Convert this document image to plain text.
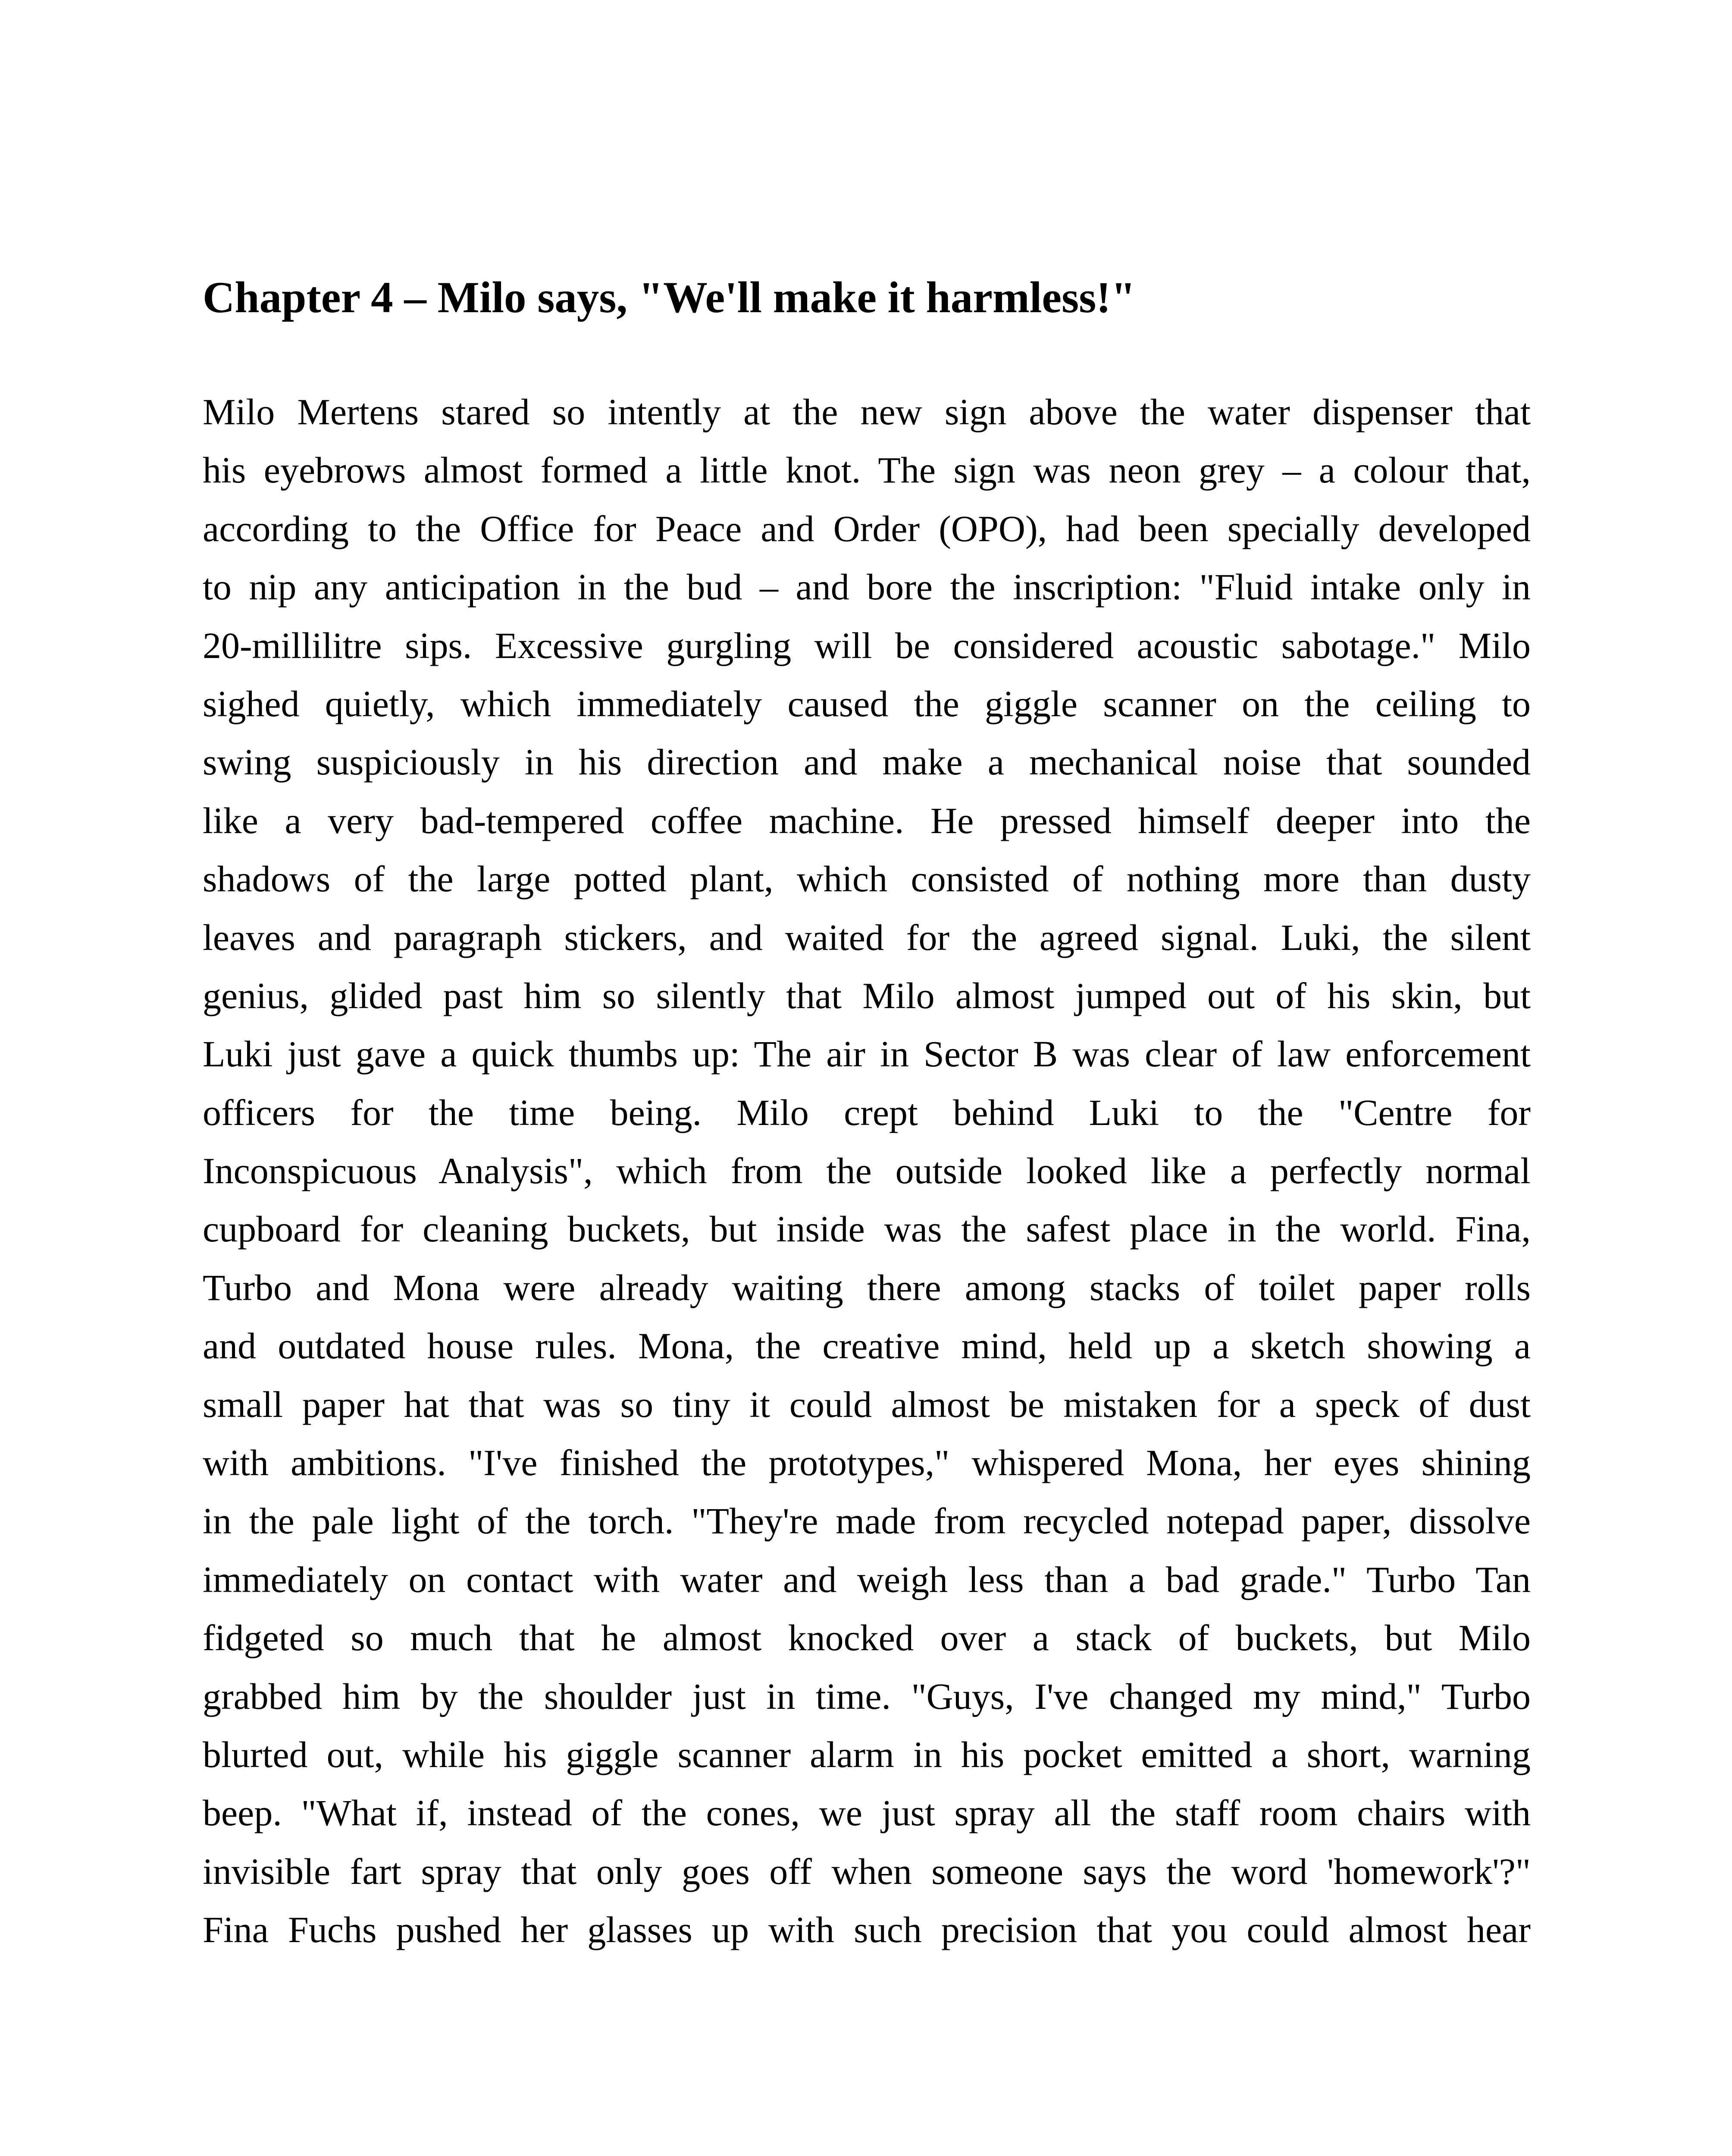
Chapter 4 – Milo says, "We'll make it harmless!"
Milo Mertens stared so intently at the new sign above the water dispenser that
his eyebrows almost formed a little knot. The sign was neon grey – a colour that,
according to the Office for Peace and Order (OPO), had been specially developed
to nip any anticipation in the bud – and bore the inscription: "Fluid intake only in
20-millilitre sips. Excessive gurgling will be considered acoustic sabotage." Milo
sighed quietly, which immediately caused the giggle scanner on the ceiling to
swing suspiciously in his direction and make a mechanical noise that sounded
like a very bad-tempered coffee machine. He pressed himself deeper into the
shadows of the large potted plant, which consisted of nothing more than dusty
leaves and paragraph stickers, and waited for the agreed signal. Luki, the silent
genius, glided past him so silently that Milo almost jumped out of his skin, but
Luki just gave a quick thumbs up: The air in Sector B was clear of law enforcement
officers for the time being. Milo crept behind Luki to the "Centre for
Inconspicuous Analysis", which from the outside looked like a perfectly normal
cupboard for cleaning buckets, but inside was the safest place in the world. Fina,
Turbo and Mona were already waiting there among stacks of toilet paper rolls
and outdated house rules. Mona, the creative mind, held up a sketch showing a
small paper hat that was so tiny it could almost be mistaken for a speck of dust
with ambitions. "I've finished the prototypes," whispered Mona, her eyes shining
in the pale light of the torch. "They're made from recycled notepad paper, dissolve
immediately on contact with water and weigh less than a bad grade." Turbo Tan
fidgeted so much that he almost knocked over a stack of buckets, but Milo
grabbed him by the shoulder just in time. "Guys, I've changed my mind," Turbo
blurted out, while his giggle scanner alarm in his pocket emitted a short, warning
beep. "What if, instead of the cones, we just spray all the staff room chairs with
invisible fart spray that only goes off when someone says the word 'homework'?"
Fina Fuchs pushed her glasses up with such precision that you could almost hear
